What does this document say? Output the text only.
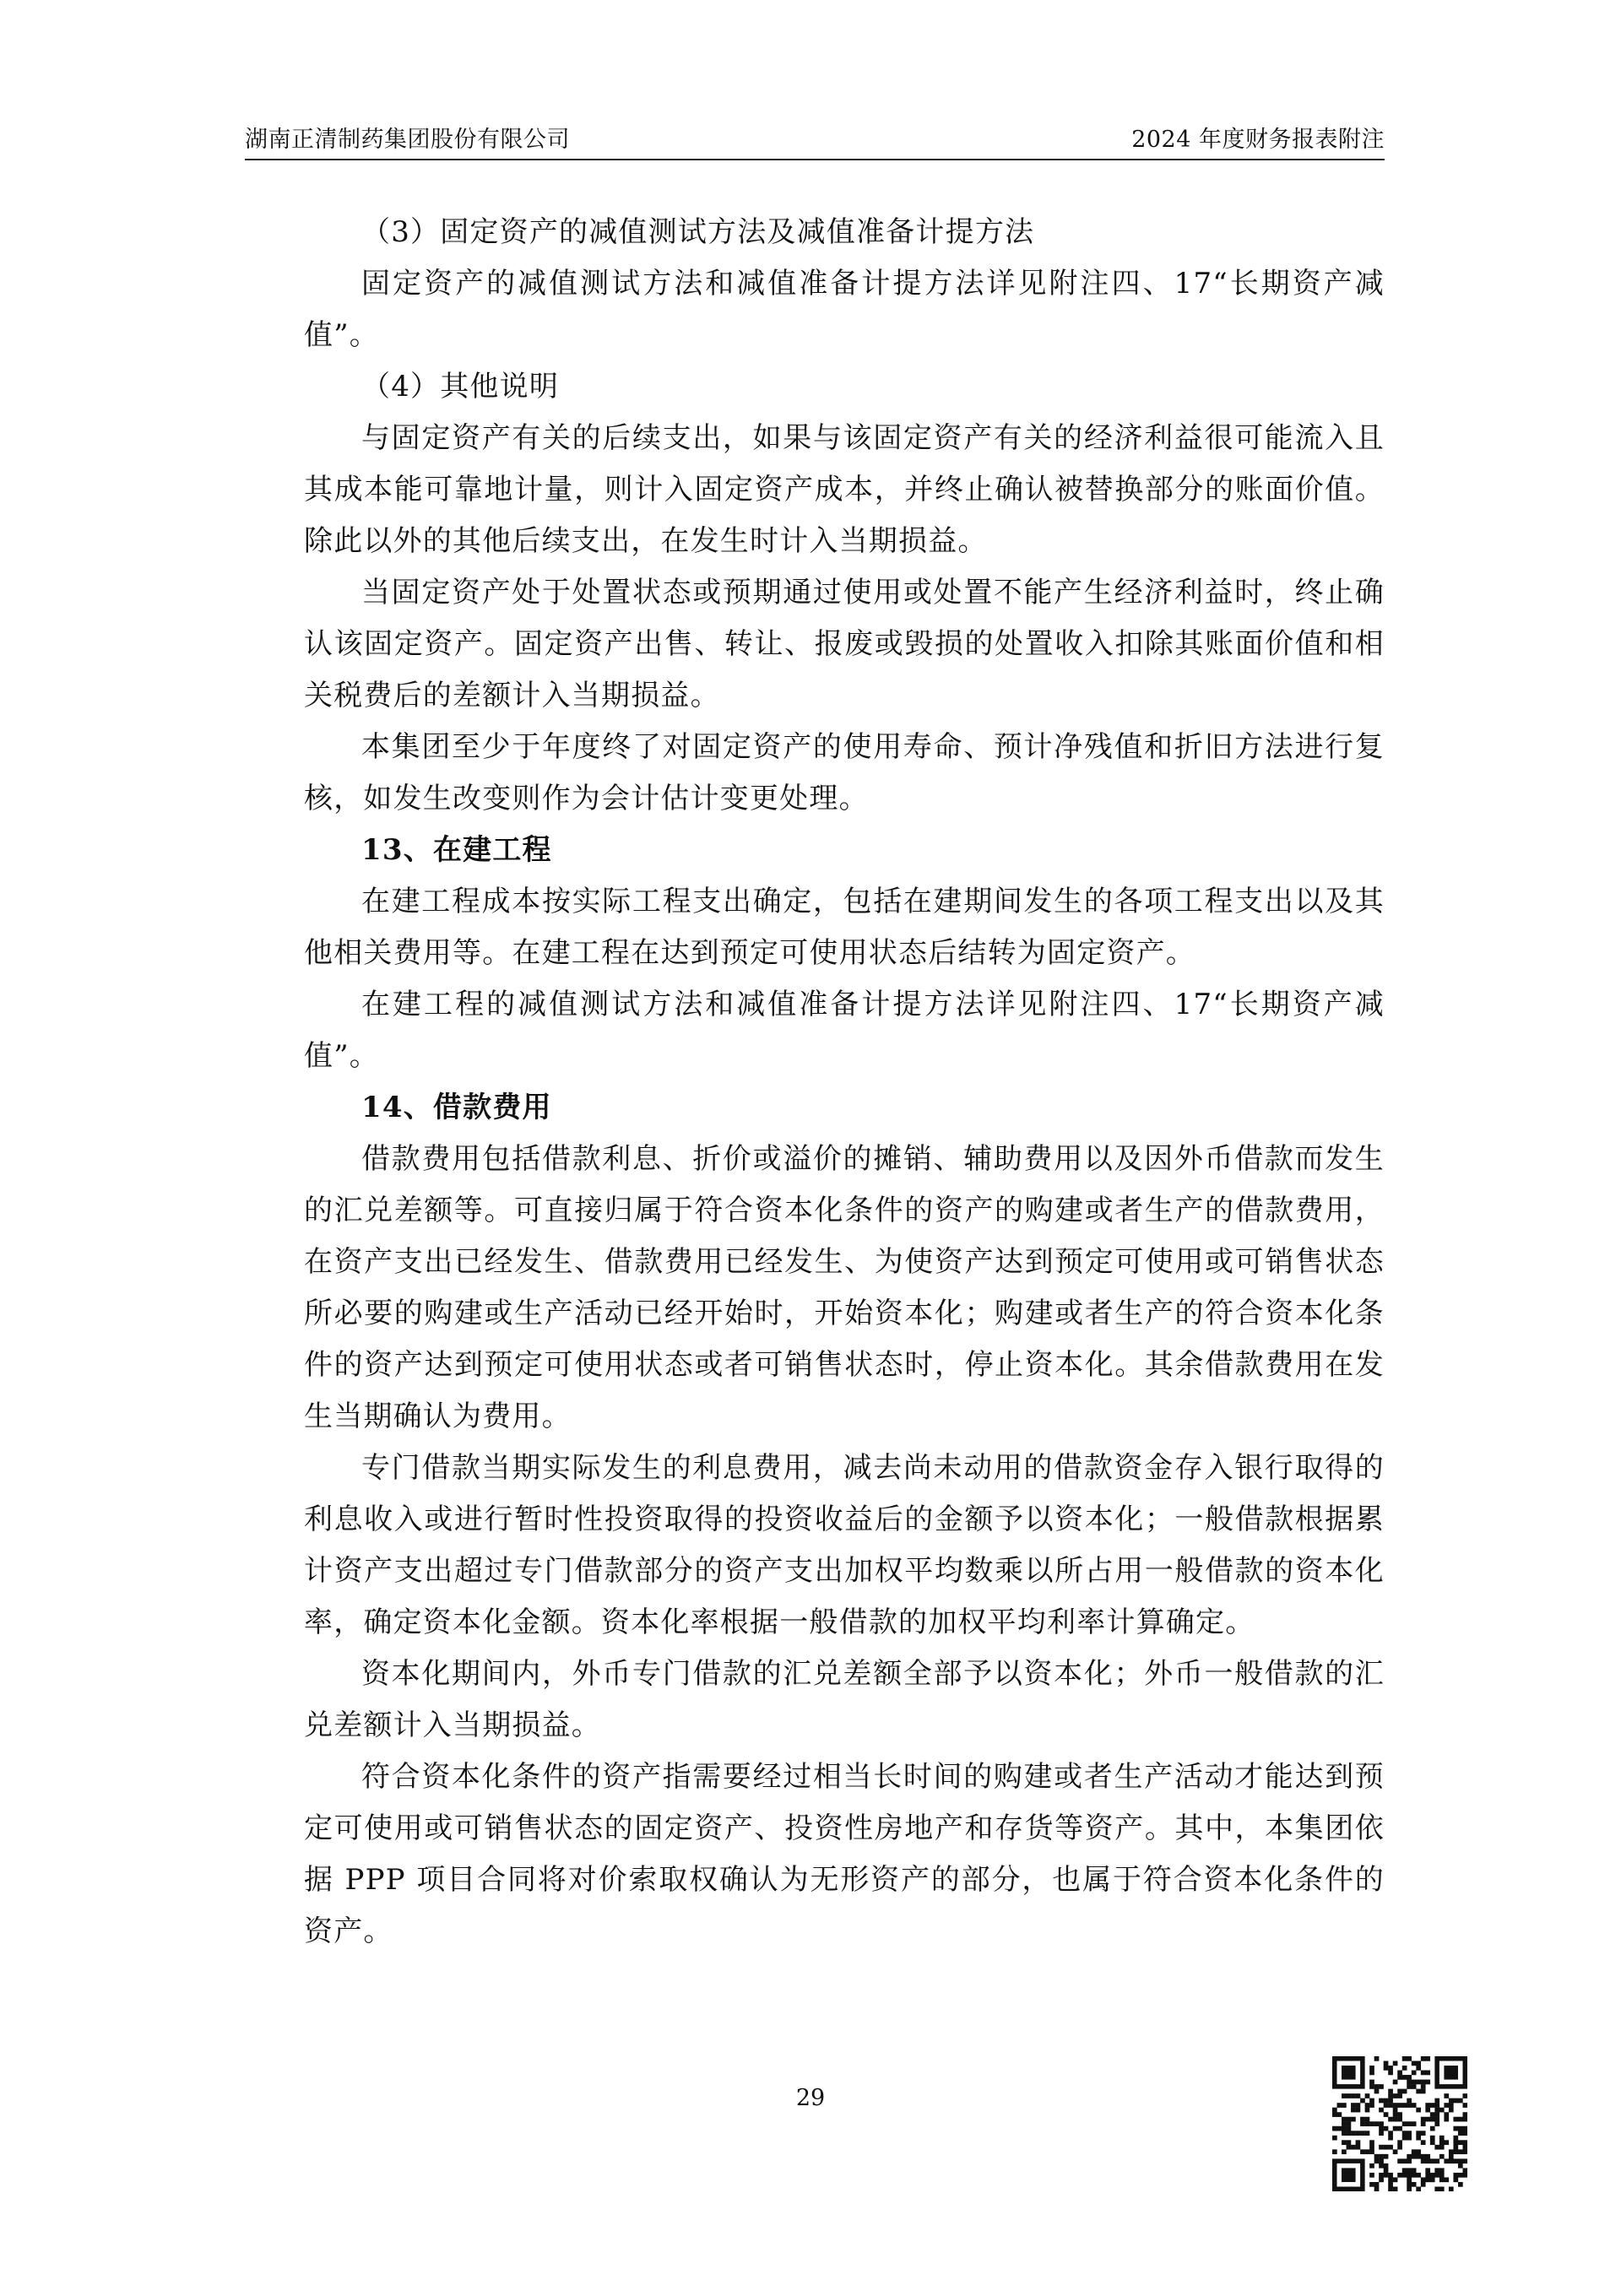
湖南正清制药集团股份有限公司	2024 年度财务报表附注

（3）固定资产的减值测试方法及减值准备计提方法

固定资产的减值测试方法和减值准备计提方法详见附注四、17“长期资产减值”。

（4）其他说明

与固定资产有关的后续支出，如果与该固定资产有关的经济利益很可能流入且其成本能可靠地计量，则计入固定资产成本，并终止确认被替换部分的账面价值。除此以外的其他后续支出，在发生时计入当期损益。

当固定资产处于处置状态或预期通过使用或处置不能产生经济利益时，终止确认该固定资产。固定资产出售、转让、报废或毁损的处置收入扣除其账面价值和相关税费后的差额计入当期损益。

本集团至少于年度终了对固定资产的使用寿命、预计净残值和折旧方法进行复核，如发生改变则作为会计估计变更处理。

13、在建工程

在建工程成本按实际工程支出确定，包括在建期间发生的各项工程支出以及其他相关费用等。在建工程在达到预定可使用状态后结转为固定资产。

在建工程的减值测试方法和减值准备计提方法详见附注四、17“长期资产减值”。

14、借款费用

借款费用包括借款利息、折价或溢价的摊销、辅助费用以及因外币借款而发生的汇兑差额等。可直接归属于符合资本化条件的资产的购建或者生产的借款费用，在资产支出已经发生、借款费用已经发生、为使资产达到预定可使用或可销售状态所必要的购建或生产活动已经开始时，开始资本化；购建或者生产的符合资本化条件的资产达到预定可使用状态或者可销售状态时，停止资本化。其余借款费用在发生当期确认为费用。

专门借款当期实际发生的利息费用，减去尚未动用的借款资金存入银行取得的利息收入或进行暂时性投资取得的投资收益后的金额予以资本化；一般借款根据累计资产支出超过专门借款部分的资产支出加权平均数乘以所占用一般借款的资本化率，确定资本化金额。资本化率根据一般借款的加权平均利率计算确定。

资本化期间内，外币专门借款的汇兑差额全部予以资本化；外币一般借款的汇兑差额计入当期损益。

符合资本化条件的资产指需要经过相当长时间的购建或者生产活动才能达到预定可使用或可销售状态的固定资产、投资性房地产和存货等资产。其中，本集团依据 PPP 项目合同将对价索取权确认为无形资产的部分，也属于符合资本化条件的资产。

29
